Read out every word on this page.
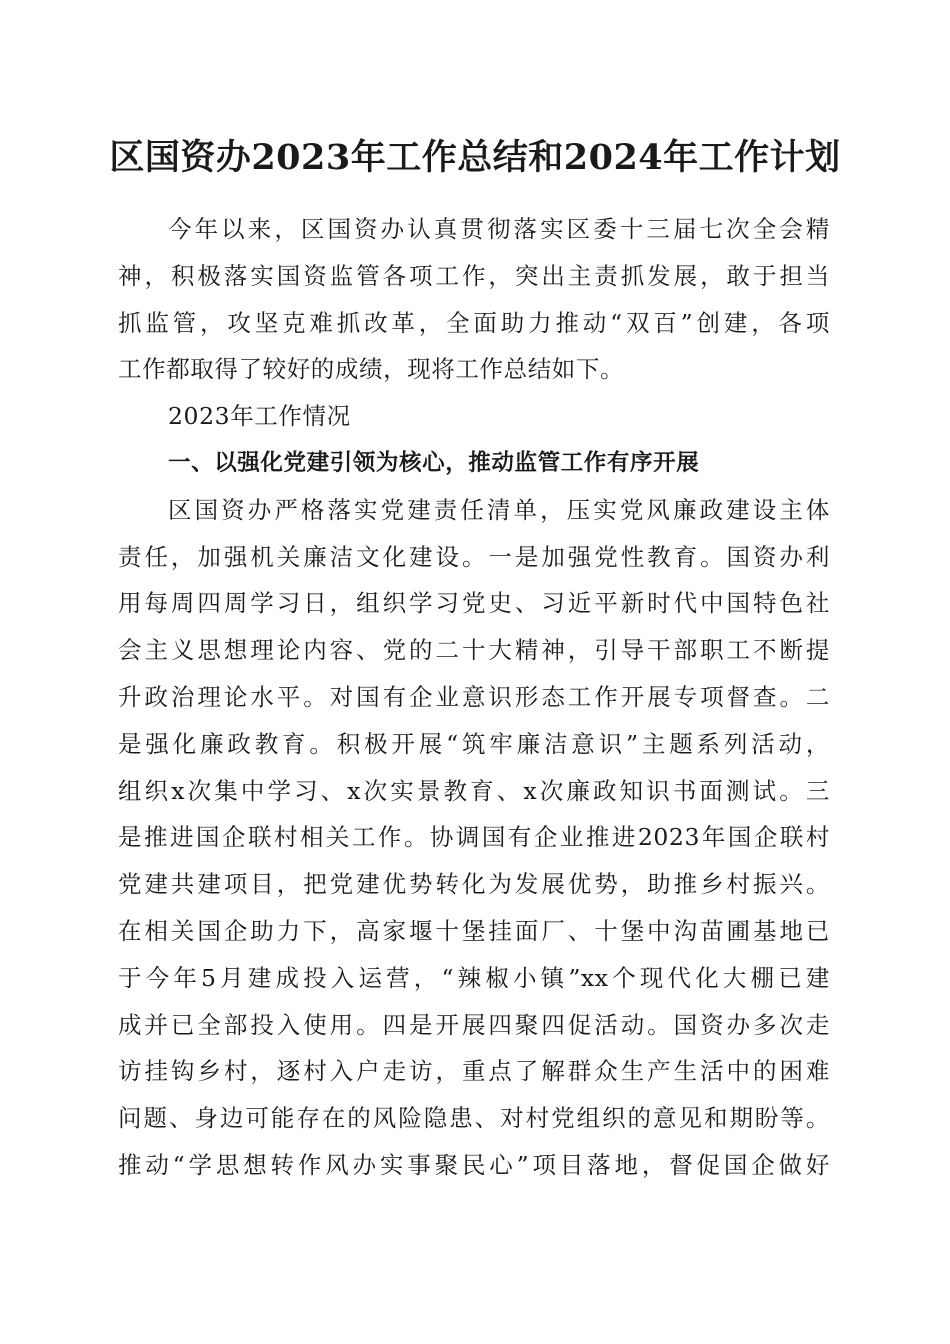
区国资办2023年工作总结和2024年工作计划
今年以来，区国资办认真贯彻落实区委十三届七次全会精
神，积极落实国资监管各项工作，突出主责抓发展，敢于担当
抓监管，攻坚克难抓改革，全面助力推动“双百”创建，各项
工作都取得了较好的成绩，现将工作总结如下。
2023年工作情况
一、以强化党建引领为核心，推动监管工作有序开展
区国资办严格落实党建责任清单，压实党风廉政建设主体
责任，加强机关廉洁文化建设。一是加强党性教育。国资办利
用每周四周学习日，组织学习党史、习近平新时代中国特色社
会主义思想理论内容、党的二十大精神，引导干部职工不断提
升政治理论水平。对国有企业意识形态工作开展专项督查。二
是强化廉政教育。积极开展“筑牢廉洁意识”主题系列活动，
组织x次集中学习、x次实景教育、x次廉政知识书面测试。三
是推进国企联村相关工作。协调国有企业推进2023年国企联村
党建共建项目，把党建优势转化为发展优势，助推乡村振兴。
在相关国企助力下，高家堰十堡挂面厂、十堡中沟苗圃基地已
于今年5月建成投入运营，“辣椒小镇”xx个现代化大棚已建
成并已全部投入使用。四是开展四聚四促活动。国资办多次走
访挂钩乡村，逐村入户走访，重点了解群众生产生活中的困难
问题、身边可能存在的风险隐患、对村党组织的意见和期盼等。
推动“学思想转作风办实事聚民心”项目落地，督促国企做好
